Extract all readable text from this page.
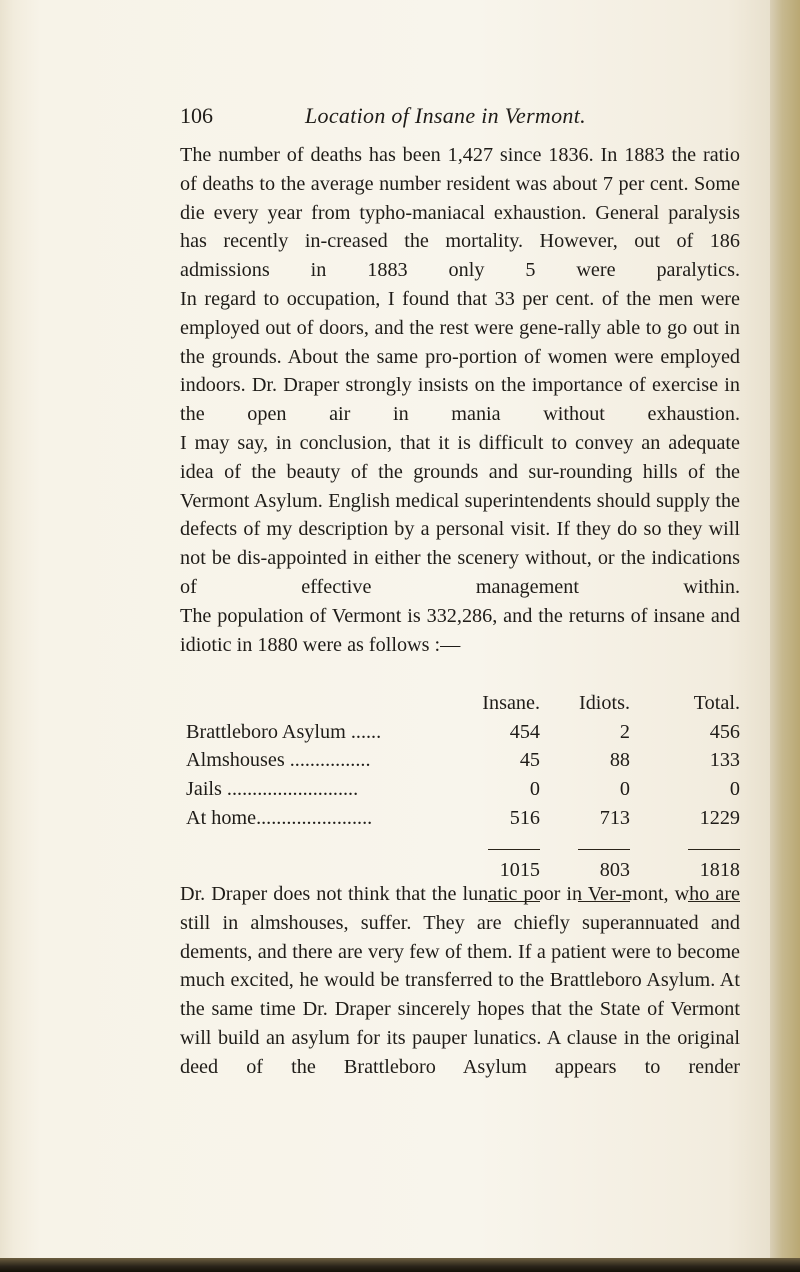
106	Location of Insane in Vermont.

The number of deaths has been 1,427 since 1836. In 1883 the ratio of deaths to the average number resident was about 7 per cent. Some die every year from typho-maniacal exhaustion. General paralysis has recently in-creased the mortality. However, out of 186 admissions in 1883 only 5 were paralytics.

In regard to occupation, I found that 33 per cent. of the men were employed out of doors, and the rest were gene-rally able to go out in the grounds. About the same pro-portion of women were employed indoors. Dr. Draper strongly insists on the importance of exercise in the open air in mania without exhaustion.

I may say, in conclusion, that it is difficult to convey an adequate idea of the beauty of the grounds and sur-rounding hills of the Vermont Asylum. English medical superintendents should supply the defects of my description by a personal visit. If they do so they will not be dis-appointed in either the scenery without, or the indications of effective management within.

The population of Vermont is 332,286, and the returns of insane and idiotic in 1880 were as follows :—

	Insane.	Idiots.	Total.
Brattleboro Asylum ......	454	2	456
Almshouses ................	45	88	133
Jails ..........................	0	0	0
At home.......................	516	713	1229

	1015	803	1818

Dr. Draper does not think that the lunatic poor in Ver-mont, who are still in almshouses, suffer. They are chiefly superannuated and dements, and there are very few of them. If a patient were to become much excited, he would be transferred to the Brattleboro Asylum. At the same time Dr. Draper sincerely hopes that the State of Vermont will build an asylum for its pauper lunatics. A clause in the original deed of the Brattleboro Asylum appears to render
